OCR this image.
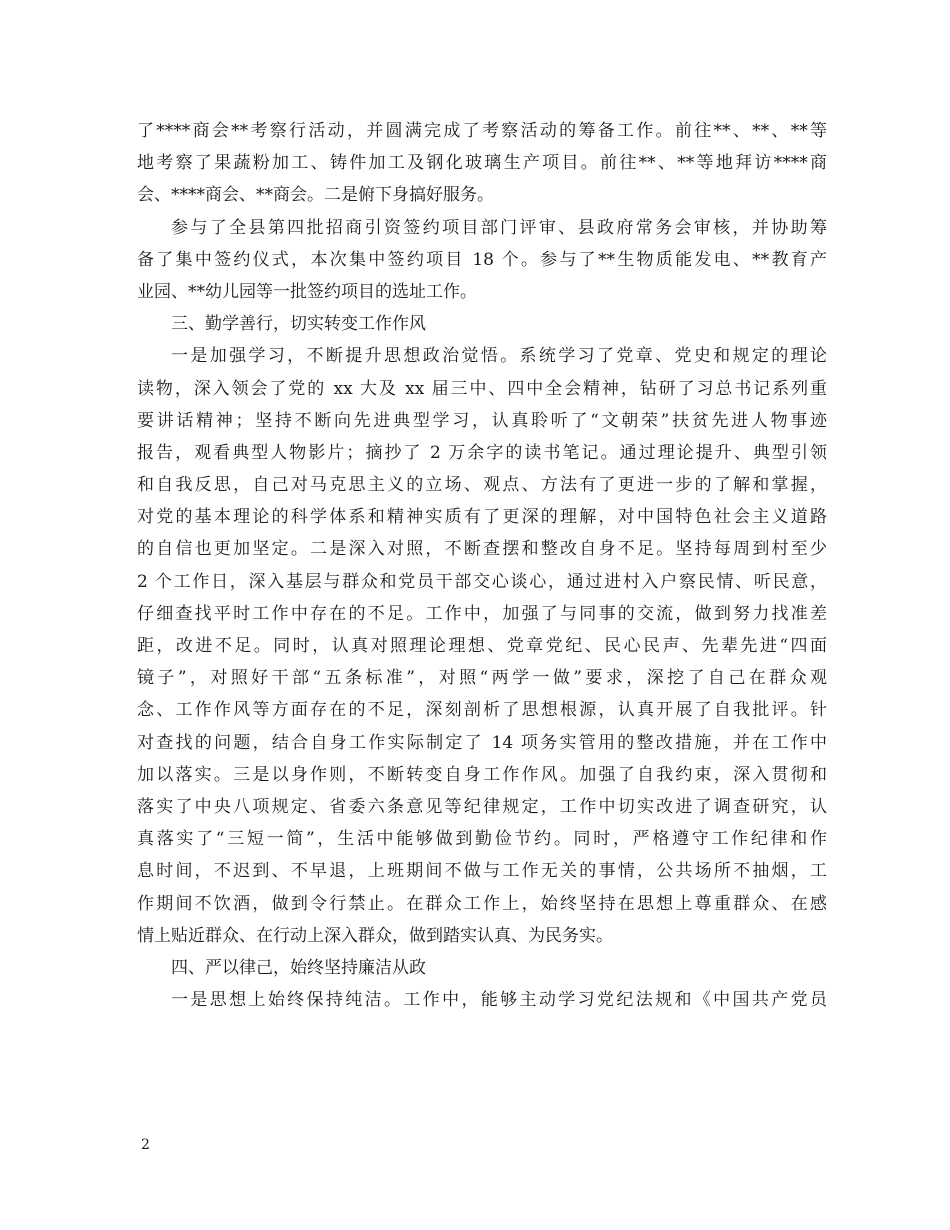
了****商会**考察行活动，并圆满完成了考察活动的筹备工作。前往**、**、**等
地考察了果蔬粉加工、铸件加工及钢化玻璃生产项目。前往**、**等地拜访****商
会、****商会、**商会。二是俯下身搞好服务。
参与了全县第四批招商引资签约项目部门评审、县政府常务会审核，并协助筹
备了集中签约仪式，本次集中签约项目 18 个。参与了**生物质能发电、**教育产
业园、**幼儿园等一批签约项目的选址工作。
三、勤学善行，切实转变工作作风
一是加强学习，不断提升思想政治觉悟。系统学习了党章、党史和规定的理论
读物，深入领会了党的 xx 大及 xx 届三中、四中全会精神，钻研了习总书记系列重
要讲话精神；坚持不断向先进典型学习，认真聆听了“文朝荣”扶贫先进人物事迹
报告，观看典型人物影片；摘抄了 2 万余字的读书笔记。通过理论提升、典型引领
和自我反思，自己对马克思主义的立场、观点、方法有了更进一步的了解和掌握，
对党的基本理论的科学体系和精神实质有了更深的理解，对中国特色社会主义道路
的自信也更加坚定。二是深入对照，不断查摆和整改自身不足。坚持每周到村至少
2 个工作日，深入基层与群众和党员干部交心谈心，通过进村入户察民情、听民意，
仔细查找平时工作中存在的不足。工作中，加强了与同事的交流，做到努力找准差
距，改进不足。同时，认真对照理论理想、党章党纪、民心民声、先辈先进“四面
镜子”，对照好干部“五条标准”，对照“两学一做”要求，深挖了自己在群众观
念、工作作风等方面存在的不足，深刻剖析了思想根源，认真开展了自我批评。针
对查找的问题，结合自身工作实际制定了 14 项务实管用的整改措施，并在工作中
加以落实。三是以身作则，不断转变自身工作作风。加强了自我约束，深入贯彻和
落实了中央八项规定、省委六条意见等纪律规定，工作中切实改进了调查研究，认
真落实了“三短一简”，生活中能够做到勤俭节约。同时，严格遵守工作纪律和作
息时间，不迟到、不早退，上班期间不做与工作无关的事情，公共场所不抽烟，工
作期间不饮酒，做到令行禁止。在群众工作上，始终坚持在思想上尊重群众、在感
情上贴近群众、在行动上深入群众，做到踏实认真、为民务实。
四、严以律己，始终坚持廉洁从政
一是思想上始终保持纯洁。工作中，能够主动学习党纪法规和《中国共产党员
2
